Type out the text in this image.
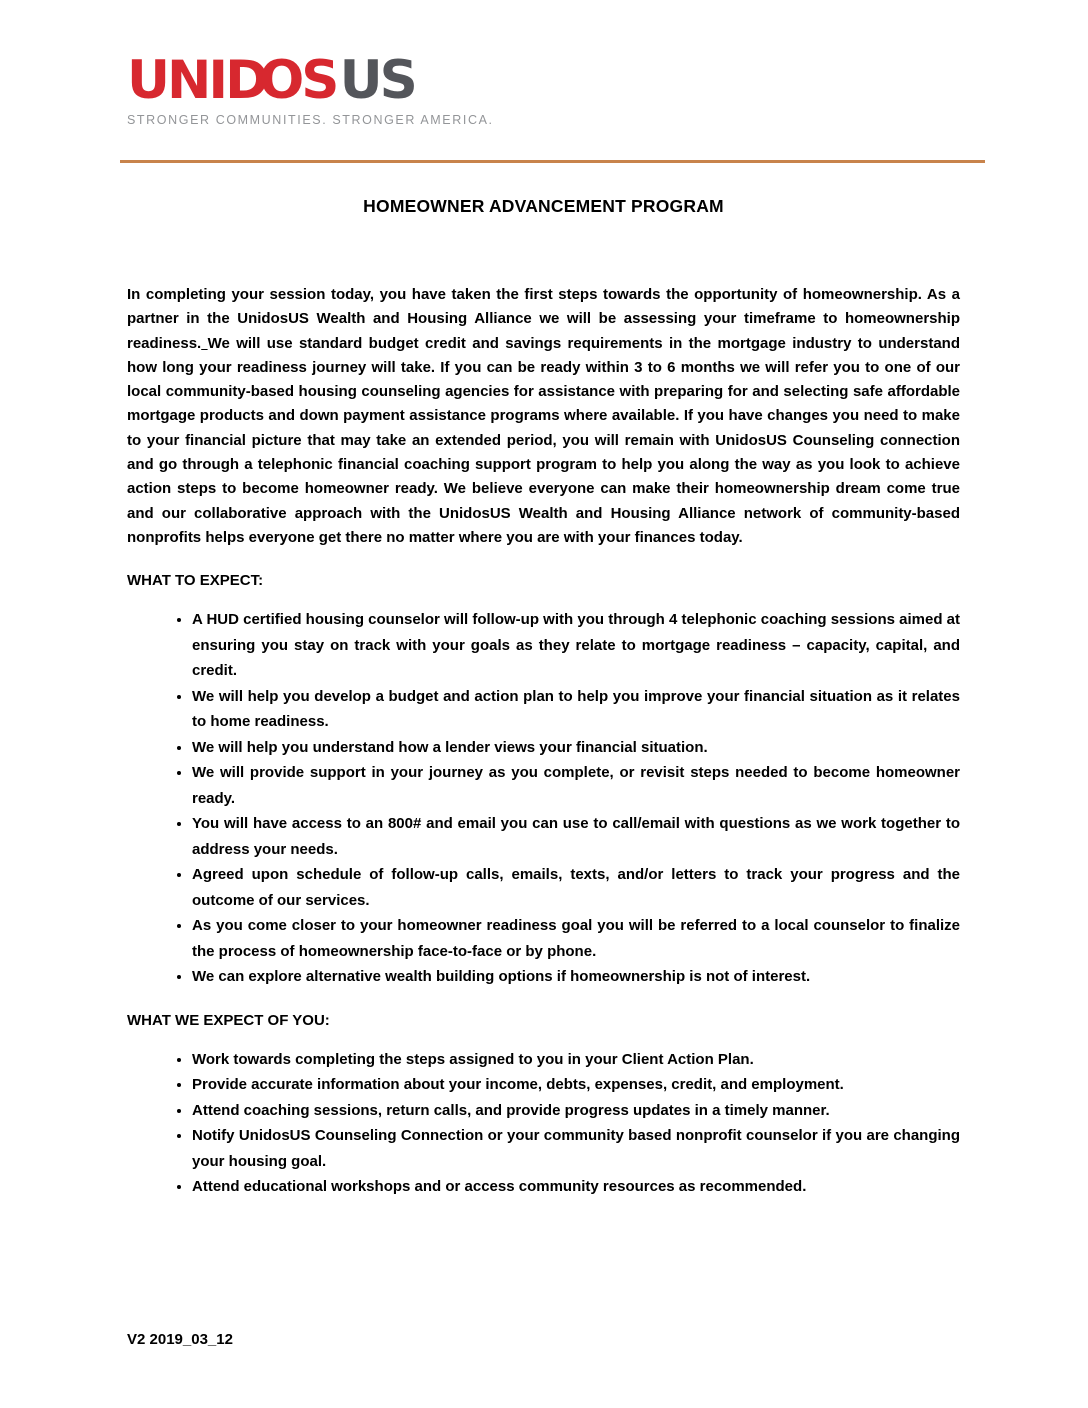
UNIDOSUS
STRONGER COMMUNITIES. STRONGER AMERICA.
HOMEOWNER ADVANCEMENT PROGRAM

In completing your session today, you have taken the first steps towards the opportunity of homeownership. As a partner in the UnidosUS Wealth and Housing Alliance we will be assessing your timeframe to homeownership readiness. We will use standard budget credit and savings requirements in the mortgage industry to understand how long your readiness journey will take. If you can be ready within 3 to 6 months we will refer you to one of our local community-based housing counseling agencies for assistance with preparing for and selecting safe affordable mortgage products and down payment assistance programs where available. If you have changes you need to make to your financial picture that may take an extended period, you will remain with UnidosUS Counseling connection and go through a telephonic financial coaching support program to help you along the way as you look to achieve action steps to become homeowner ready. We believe everyone can make their homeownership dream come true and our collaborative approach with the UnidosUS Wealth and Housing Alliance network of community-based nonprofits helps everyone get there no matter where you are with your finances today.

WHAT TO EXPECT:
• A HUD certified housing counselor will follow-up with you through 4 telephonic coaching sessions aimed at ensuring you stay on track with your goals as they relate to mortgage readiness – capacity, capital, and credit.
• We will help you develop a budget and action plan to help you improve your financial situation as it relates to home readiness.
• We will help you understand how a lender views your financial situation.
• We will provide support in your journey as you complete, or revisit steps needed to become homeowner ready.
• You will have access to an 800# and email you can use to call/email with questions as we work together to address your needs.
• Agreed upon schedule of follow-up calls, emails, texts, and/or letters to track your progress and the outcome of our services.
• As you come closer to your homeowner readiness goal you will be referred to a local counselor to finalize the process of homeownership face-to-face or by phone.
• We can explore alternative wealth building options if homeownership is not of interest.
WHAT WE EXPECT OF YOU:
• Work towards completing the steps assigned to you in your Client Action Plan.
• Provide accurate information about your income, debts, expenses, credit, and employment.
• Attend coaching sessions, return calls, and provide progress updates in a timely manner.
• Notify UnidosUS Counseling Connection or your community based nonprofit counselor if you are changing your housing goal.
• Attend educational workshops and or access community resources as recommended.
V2 2019_03_12
